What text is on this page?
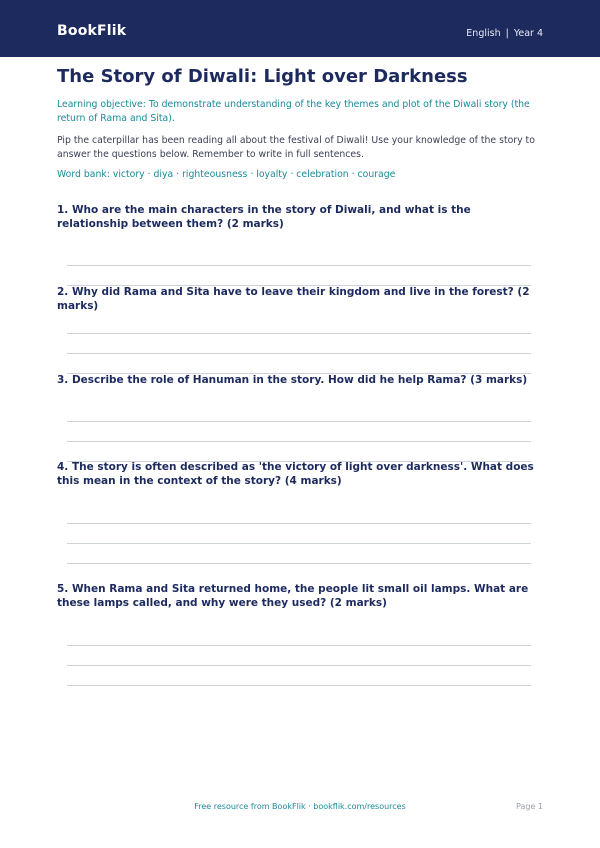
BookFlik	English | Year 4
The Story of Diwali: Light over Darkness
Learning objective: To demonstrate understanding of the key themes and plot of the Diwali story (the return of Rama and Sita).
Pip the caterpillar has been reading all about the festival of Diwali! Use your knowledge of the story to answer the questions below. Remember to write in full sentences.
Word bank: victory · diya · righteousness · loyalty · celebration · courage
1. Who are the main characters in the story of Diwali, and what is the relationship between them? (2 marks)
2. Why did Rama and Sita have to leave their kingdom and live in the forest? (2 marks)
3. Describe the role of Hanuman in the story. How did he help Rama? (3 marks)
4. The story is often described as 'the victory of light over darkness'. What does this mean in the context of the story? (4 marks)
5. When Rama and Sita returned home, the people lit small oil lamps. What are these lamps called, and why were they used? (2 marks)
Free resource from BookFlik · bookflik.com/resources	Page 1
